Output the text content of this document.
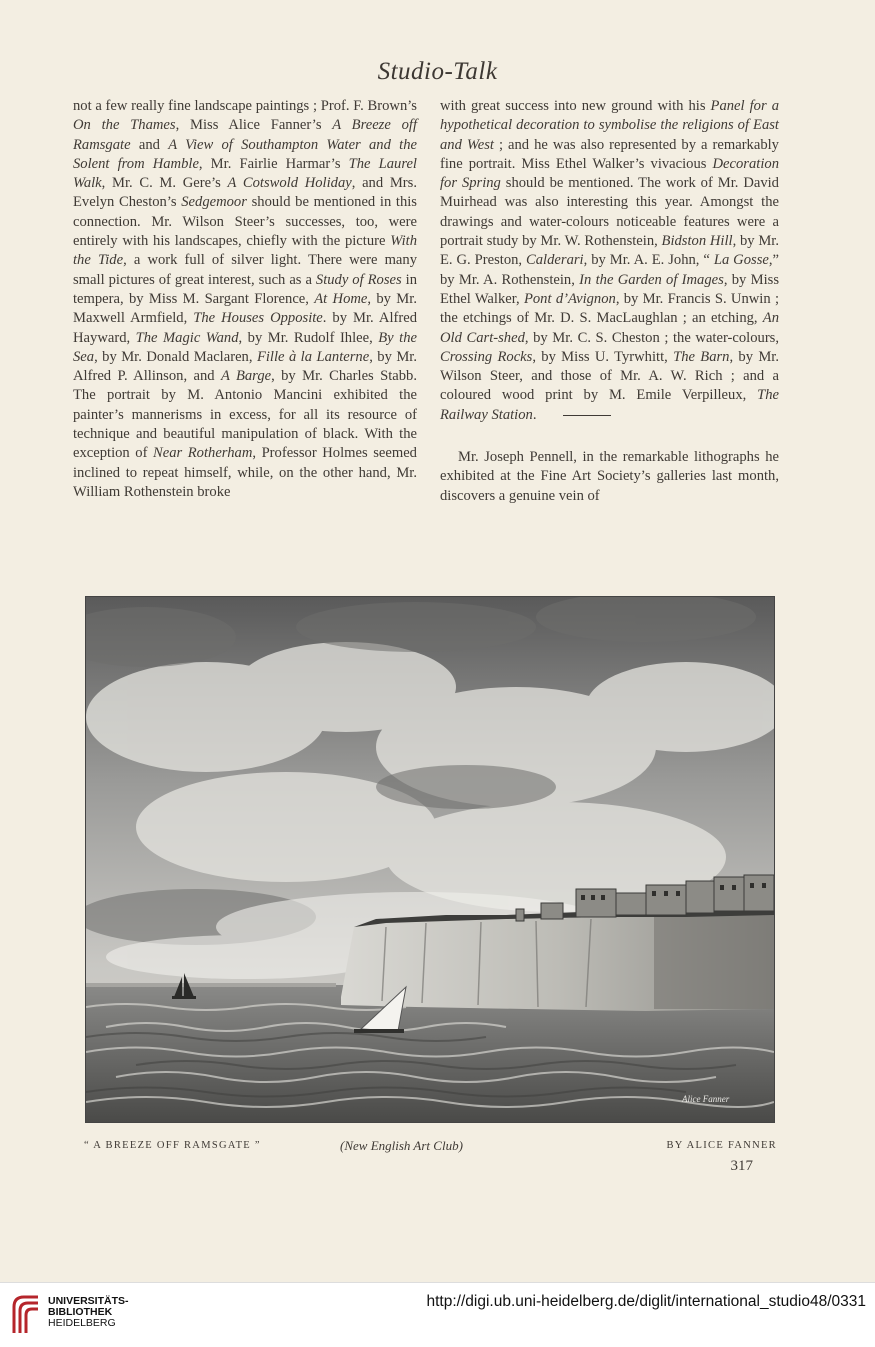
Studio-Talk

not a few really fine landscape paintings ; Prof. F. Brown’s On the Thames, Miss Alice Fanner’s A Breeze off Ramsgate and A View of Southampton Water and the Solent from Hamble, Mr. Fairlie Harmar’s The Laurel Walk, Mr. C. M. Gere’s A Cotswold Holiday, and Mrs. Evelyn Cheston’s Sedgemoor should be mentioned in this connection. Mr. Wilson Steer’s successes, too, were entirely with his landscapes, chiefly with the picture With the Tide, a work full of silver light. There were many small pictures of great interest, such as a Study of Roses in tempera, by Miss M. Sargant Florence, At Home, by Mr. Maxwell Armfield, The Houses Opposite. by Mr. Alfred Hayward, The Magic Wand, by Mr. Rudolf Ihlee, By the Sea, by Mr. Donald Maclaren, Fille à la Lanterne, by Mr. Alfred P. Allinson, and A Barge, by Mr. Charles Stabb. The portrait by M. Antonio Mancini exhibited the painter’s mannerisms in excess, for all its resource of technique and beautiful manipulation of black. With the exception of Near Rotherham, Professor Holmes seemed inclined to repeat himself, while, on the other hand, Mr. William Rothenstein broke

with great success into new ground with his Panel for a hypothetical decoration to symbolise the religions of East and West ; and he was also represented by a remarkably fine portrait. Miss Ethel Walker’s vivacious Decoration for Spring should be mentioned. The work of Mr. David Muirhead was also interesting this year. Amongst the drawings and water-colours noticeable features were a portrait study by Mr. W. Rothenstein, Bidston Hill, by Mr. E. G. Preston, Calderari, by Mr. A. E. John, “ La Gosse,” by Mr. A. Rothenstein, In the Garden of Images, by Miss Ethel Walker, Pont d’Avignon, by Mr. Francis S. Unwin ; the etchings of Mr. D. S. MacLaughlan ; an etching, An Old Cart-shed, by Mr. C. S. Cheston ; the water-colours, Crossing Rocks, by Miss U. Tyrwhitt, The Barn, by Mr. Wilson Steer, and those of Mr. A. W. Rich ; and a coloured wood print by M. Emile Verpilleux, The Railway Station.

Mr. Joseph Pennell, in the remarkable lithographs he exhibited at the Fine Art Society’s galleries last month, discovers a genuine vein of

Alice Fanner
“ A BREEZE OFF RAMSGATE ”	(New English Art Club)	BY ALICE FANNER
317
UNIVERSITÄTS-
BIBLIOTHEK
HEIDELBERG
http://digi.ub.uni-heidelberg.de/diglit/international_studio48/0331
